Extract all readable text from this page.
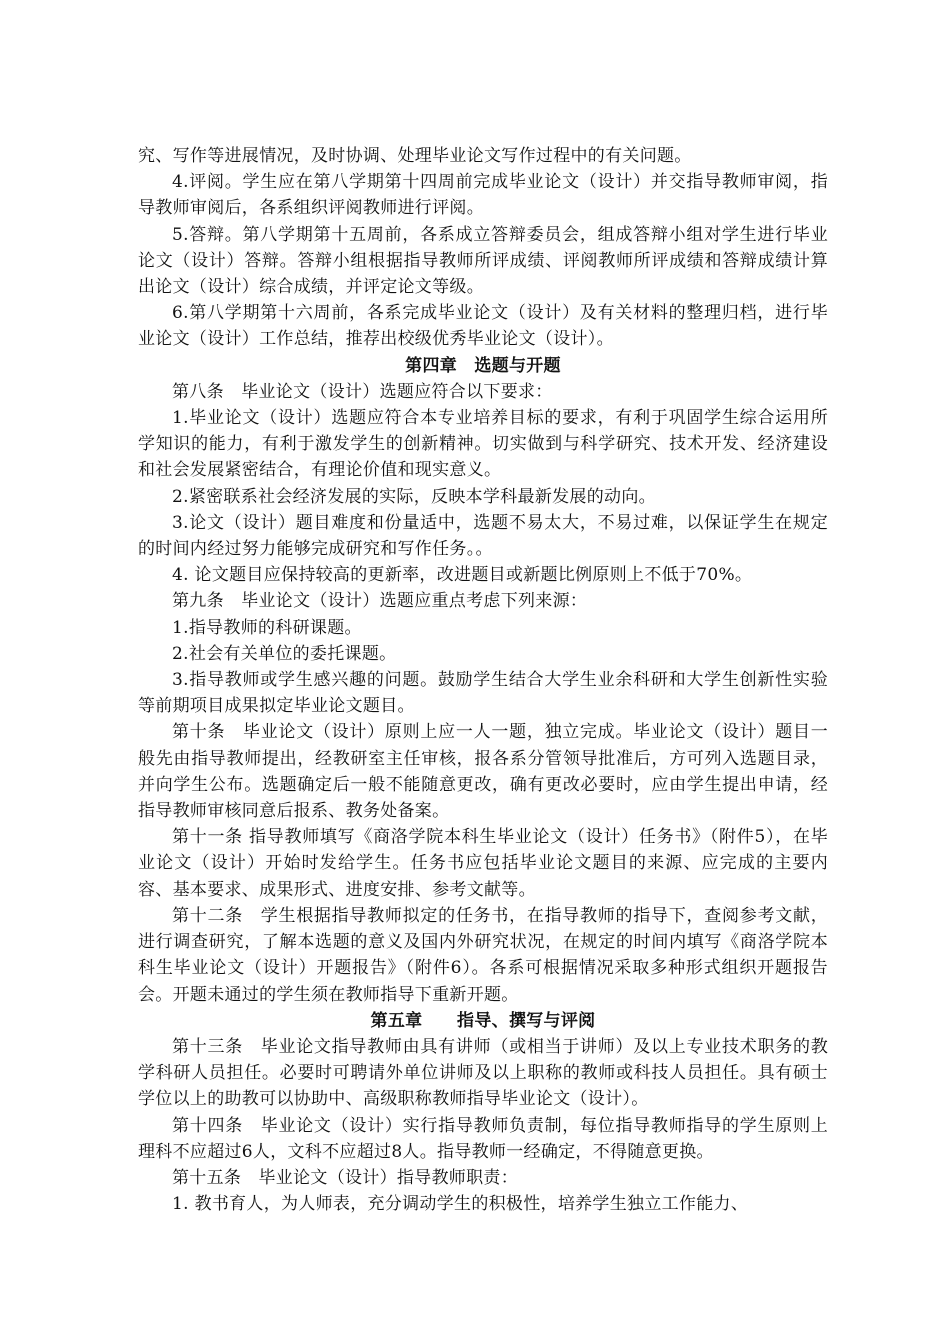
究、写作等进展情况，及时协调、处理毕业论文写作过程中的有关问题。

4.评阅。学生应在第八学期第十四周前完成毕业论文（设计）并交指导教师审阅，指导教师审阅后，各系组织评阅教师进行评阅。

5.答辩。第八学期第十五周前，各系成立答辩委员会，组成答辩小组对学生进行毕业论文（设计）答辩。答辩小组根据指导教师所评成绩、评阅教师所评成绩和答辩成绩计算出论文（设计）综合成绩，并评定论文等级。

6.第八学期第十六周前，各系完成毕业论文（设计）及有关材料的整理归档，进行毕业论文（设计）工作总结，推荐出校级优秀毕业论文（设计）。

第四章　选题与开题

第八条　毕业论文（设计）选题应符合以下要求：

1.毕业论文（设计）选题应符合本专业培养目标的要求，有利于巩固学生综合运用所学知识的能力，有利于激发学生的创新精神。切实做到与科学研究、技术开发、经济建设和社会发展紧密结合，有理论价值和现实意义。

2.紧密联系社会经济发展的实际，反映本学科最新发展的动向。

3.论文（设计）题目难度和份量适中，选题不易太大，不易过难，以保证学生在规定的时间内经过努力能够完成研究和写作任务。。

4. 论文题目应保持较高的更新率，改进题目或新题比例原则上不低于70%。

第九条　毕业论文（设计）选题应重点考虑下列来源：

1.指导教师的科研课题。

2.社会有关单位的委托课题。

3.指导教师或学生感兴趣的问题。鼓励学生结合大学生业余科研和大学生创新性实验等前期项目成果拟定毕业论文题目。

第十条　毕业论文（设计）原则上应一人一题，独立完成。毕业论文（设计）题目一般先由指导教师提出，经教研室主任审核，报各系分管领导批准后，方可列入选题目录，并向学生公布。选题确定后一般不能随意更改，确有更改必要时，应由学生提出申请，经指导教师审核同意后报系、教务处备案。

第十一条 指导教师填写《商洛学院本科生毕业论文（设计）任务书》（附件5），在毕业论文（设计）开始时发给学生。任务书应包括毕业论文题目的来源、应完成的主要内容、基本要求、成果形式、进度安排、参考文献等。

第十二条　学生根据指导教师拟定的任务书，在指导教师的指导下，查阅参考文献，进行调查研究，了解本选题的意义及国内外研究状况，在规定的时间内填写《商洛学院本科生毕业论文（设计）开题报告》（附件6）。各系可根据情况采取多种形式组织开题报告会。开题未通过的学生须在教师指导下重新开题。

第五章　　指导、撰写与评阅

第十三条　毕业论文指导教师由具有讲师（或相当于讲师）及以上专业技术职务的教学科研人员担任。必要时可聘请外单位讲师及以上职称的教师或科技人员担任。具有硕士学位以上的助教可以协助中、高级职称教师指导毕业论文（设计）。

第十四条　毕业论文（设计）实行指导教师负责制，每位指导教师指导的学生原则上理科不应超过6人，文科不应超过8人。指导教师一经确定，不得随意更换。

第十五条　毕业论文（设计）指导教师职责：

1. 教书育人，为人师表，充分调动学生的积极性，培养学生独立工作能力、
